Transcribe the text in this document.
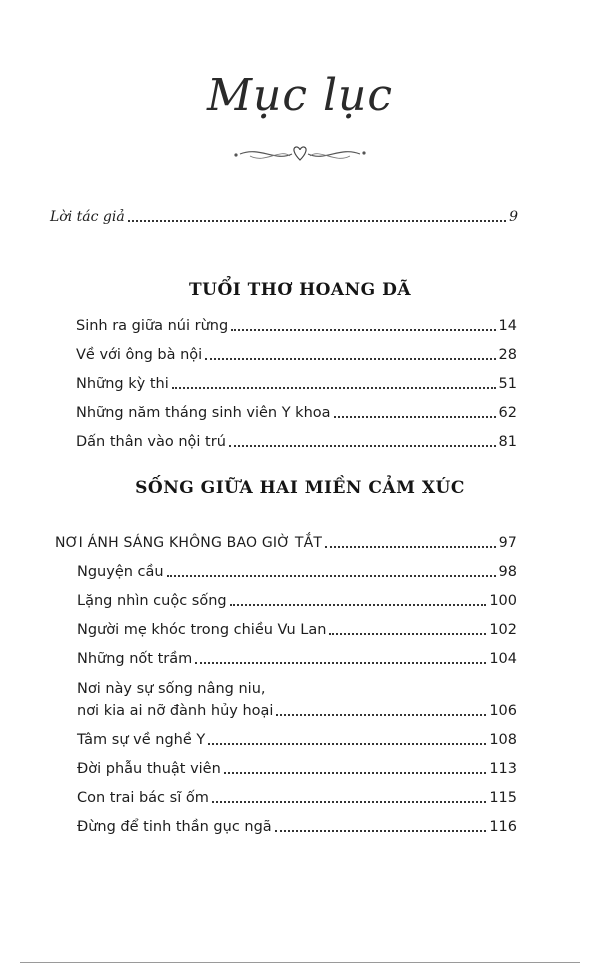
Mục lục
Lời tác giả	9
TUỔI THƠ HOANG DÃ
Sinh ra giữa núi rừng	14
Về với ông bà nội	28
Những kỳ thi	51
Những năm tháng sinh viên Y khoa	62
Dấn thân vào nội trú	81
SỐNG GIỮA HAI MIỀN CẢM XÚC
NƠI ÁNH SÁNG KHÔNG BAO GIỜ TẮT	97
Nguyện cầu	98
Lặng nhìn cuộc sống	100
Người mẹ khóc trong chiều Vu Lan	102
Những nốt trầm	104
Nơi này sự sống nâng niu,
nơi kia ai nỡ đành hủy hoại	106
Tâm sự về nghề Y	108
Đời phẫu thuật viên	113
Con trai bác sĩ ốm	115
Đừng để tinh thần gục ngã	116
